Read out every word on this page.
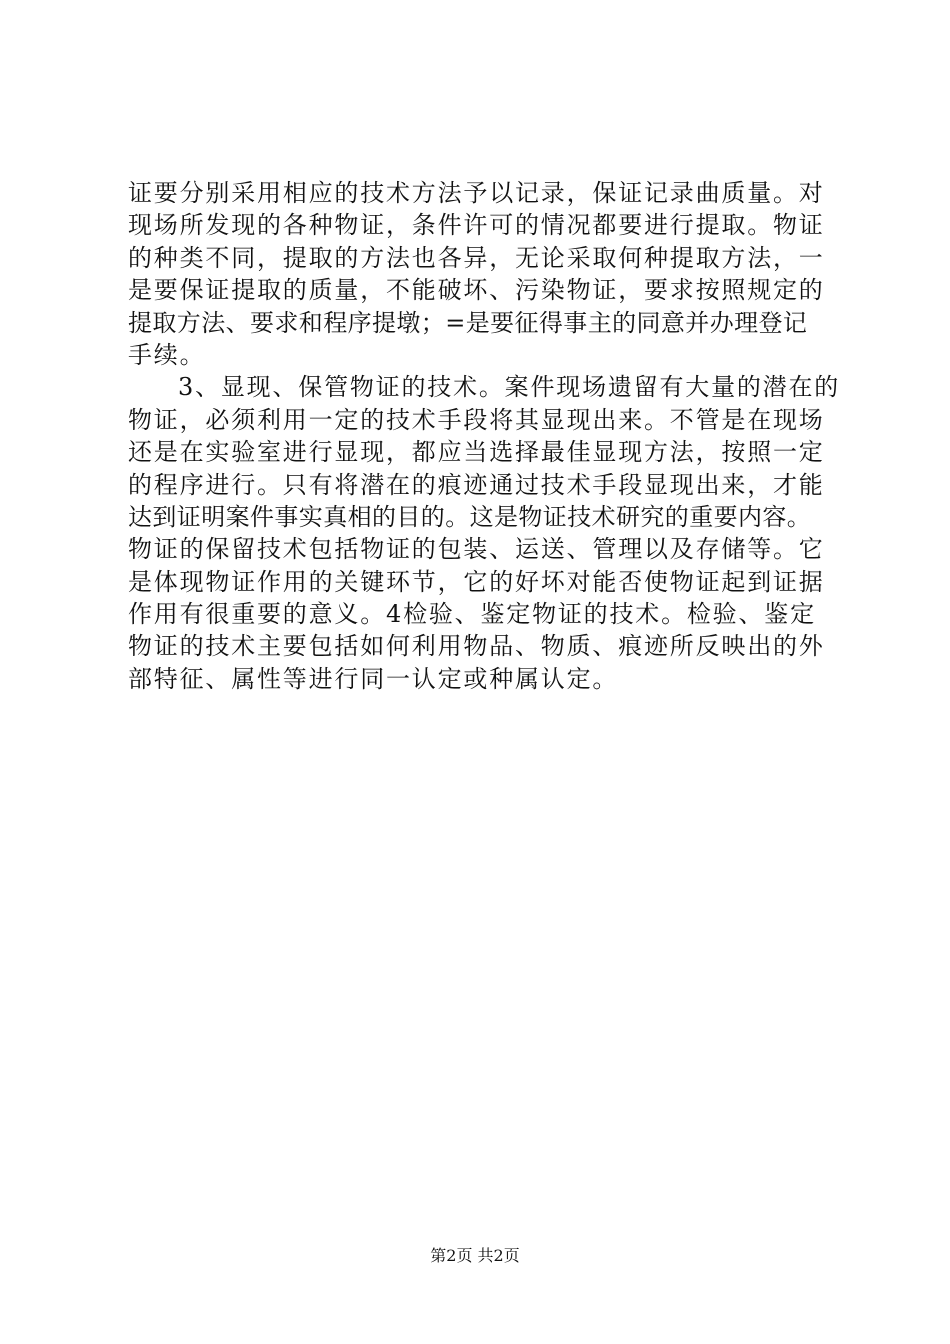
证要分别采用相应的技术方法予以记录，保证记录曲质量。对
现场所发现的各种物证，条件许可的情况都要进行提取。物证
的种类不同，提取的方法也各异，无论采取何种提取方法，一
是要保证提取的质量，不能破坏、污染物证，要求按照规定的
提取方法、要求和程序提墩；=是要征得事主的同意并办理登记
手续。
3、显现、保管物证的技术。案件现场遗留有大量的潜在的
物证，必须利用一定的技术手段将其显现出来。不管是在现场
还是在实验室进行显现，都应当选择最佳显现方法，按照一定
的程序进行。只有将潜在的痕迹通过技术手段显现出来，才能
达到证明案件事实真相的目的。这是物证技术研究的重要内容。
物证的保留技术包括物证的包装、运送、管理以及存储等。它
是体现物证作用的关键环节，它的好坏对能否使物证起到证据
作用有很重要的意义。4检验、鉴定物证的技术。检验、鉴定
物证的技术主要包括如何利用物品、物质、痕迹所反映出的外
部特征、属性等进行同一认定或种属认定。
第2页 共2页
